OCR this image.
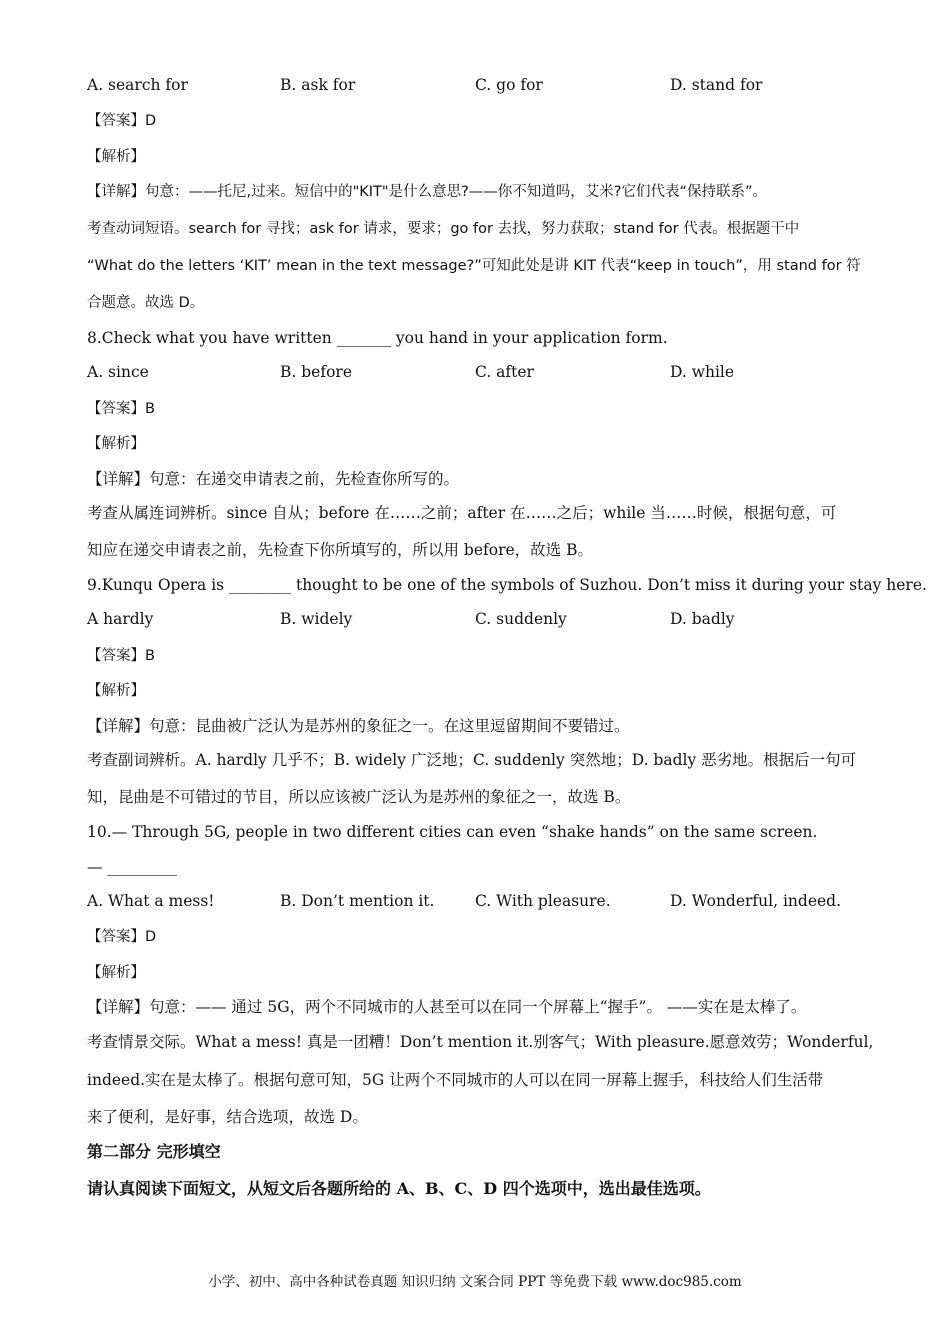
A. search for	B. ask for	C. go for	D. stand for
【答案】D
【解析】
【详解】句意：——托尼,过来。短信中的"KIT"是什么意思?——你不知道吗，艾米?它们代表“保持联系”。
考查动词短语。search for 寻找；ask for 请求，要求；go for 去找，努力获取；stand for 代表。根据题干中
“What do the letters ‘KIT’ mean in the text message?”可知此处是讲 KIT 代表“keep in touch”，用 stand for 符
合题意。故选 D。
8.Check what you have written _______ you hand in your application form.
A. since	B. before	C. after	D. while
【答案】B
【解析】
【详解】句意：在递交申请表之前，先检查你所写的。
考查从属连词辨析。since 自从；before 在……之前；after 在……之后；while 当……时候，根据句意，可
知应在递交申请表之前，先检查下你所填写的，所以用 before，故选 B。
9.Kunqu Opera is ________ thought to be one of the symbols of Suzhou. Don’t miss it during your stay here.
A hardly	B. widely	C. suddenly	D. badly
【答案】B
【解析】
【详解】句意：昆曲被广泛认为是苏州的象征之一。在这里逗留期间不要错过。
考查副词辨析。A. hardly 几乎不；B. widely 广泛地；C. suddenly 突然地；D. badly 恶劣地。根据后一句可
知，昆曲是不可错过的节目，所以应该被广泛认为是苏州的象征之一，故选 B。
10.— Through 5G, people in two different cities can even “shake hands” on the same screen.
— _________
A. What a mess!	B. Don’t mention it.	C. With pleasure.	D. Wonderful, indeed.
【答案】D
【解析】
【详解】句意：—— 通过 5G，两个不同城市的人甚至可以在同一个屏幕上“握手”。 ——实在是太棒了。
考查情景交际。What a mess! 真是一团糟！Don’t mention it.别客气；With pleasure.愿意效劳；Wonderful,
indeed.实在是太棒了。根据句意可知，5G 让两个不同城市的人可以在同一屏幕上握手，科技给人们生活带
来了便利，是好事，结合选项，故选 D。
第二部分 完形填空
请认真阅读下面短文，从短文后各题所给的 A、B、C、D 四个选项中，选出最佳选项。
小学、初中、高中各种试卷真题 知识归纳 文案合同 PPT 等免费下载 www.doc985.com
